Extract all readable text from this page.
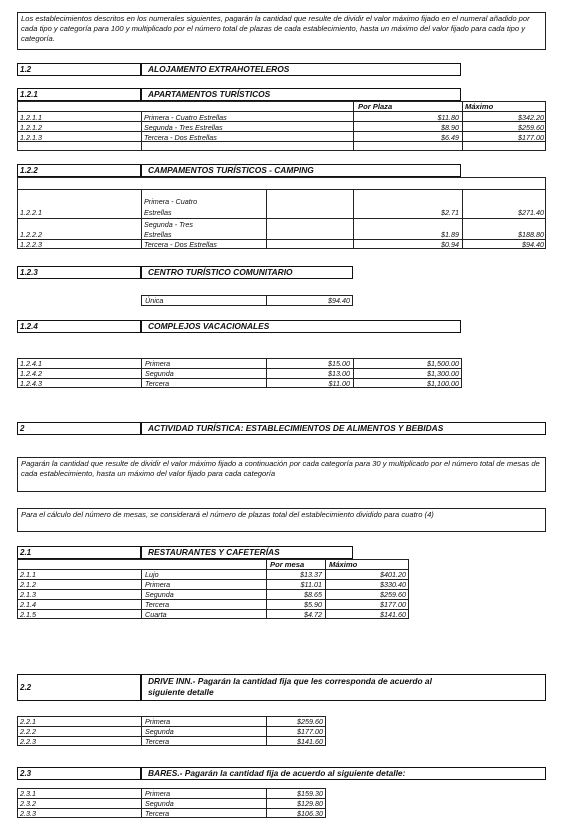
Los establecimientos descritos en los numerales siguientes, pagarán la cantidad que resulte de dividir el valor máximo fijado en el numeral añadido por cada tipo y categoría para 100 y multiplicado por el número total de plazas de cada establecimiento, hasta un máximo del valor fijado para cada tipo y categoría.
1.2	ALOJAMENTO EXTRAHOTELEROS
1.2.1	APARTAMENTOS TURÍSTICOS
Por Plaza	Máximo
1.2.1.1	Primera - Cuatro Estrellas	$11.80	$342.20
1.2.1.2	Segunda - Tres Estrellas	$8.90	$259.60
1.2.1.3	Tercera - Dos Estrellas	$6.49	$177.00
1.2.2	CAMPAMENTOS TURÍSTICOS - CAMPING
Primera - Cuatro
1.2.2.1	Estrellas	$2.71	$271.40
Segunda - Tres
1.2.2.2	Estrellas	$1.89	$188.80
1.2.2.3	Tercera - Dos Estrellas	$0.94	$94.40
1.2.3	CENTRO TURÍSTICO COMUNITARIO
Única	$94.40
1.2.4	COMPLEJOS VACACIONALES
1.2.4.1	Primera	$15.00	$1,500.00
1.2.4.2	Segunda	$13.00	$1,300.00
1.2.4.3	Tercera	$11.00	$1,100.00
2	ACTIVIDAD TURÍSTICA: ESTABLECIMIENTOS DE ALIMENTOS Y BEBIDAS
Pagarán la cantidad que resulte de dividir el valor máximo fijado a continuación por cada categoría para 30 y multiplicado por el número total de mesas de cada establecimiento, hasta un máximo del valor fijado para cada categoría
Para el cálculo del número de mesas, se considerará el número de plazas total del establecimiento dividido para cuatro (4)
2.1	RESTAURANTES Y CAFETERÍAS
Por mesa	Máximo
2.1.1	Lujo	$13.37	$401.20
2.1.2	Primera	$11.01	$330.40
2.1.3	Segunda	$8.65	$259.60
2.1.4	Tercera	$5.90	$177.00
2.1.5	Cuarta	$4.72	$141.60
2.2
DRIVE INN.- Pagarán la cantidad fija que les corresponda de acuerdo al
siguiente detalle
2.2.1	Primera	$259.60
2.2.2	Segunda	$177.00
2.2.3	Tercera	$141.60
2.3	BARES.- Pagarán la cantidad fija de acuerdo al siguiente detalle:
2.3.1	Primera	$159.30
2.3.2	Segunda	$129.80
2.3.3	Tercera	$106.30
